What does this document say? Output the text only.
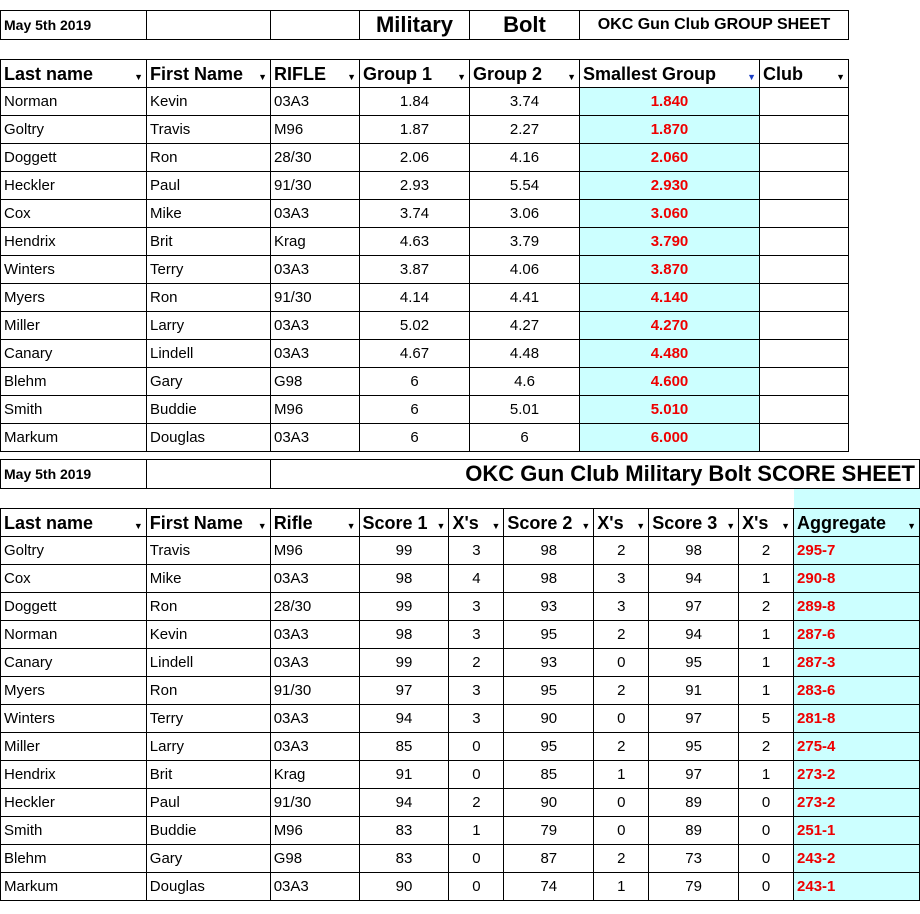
May 5th 2019			Military	Bolt	OKC Gun Club GROUP SHEET	

Last name ▼	First Name ▼	RIFLE ▼	Group 1 ▼	Group 2 ▼	Smallest Group ▼	Club ▼

Norman	Kevin	03A3	1.84	3.74	1.840	
Goltry	Travis	M96	1.87	2.27	1.870	
Doggett	Ron	28/30	2.06	4.16	2.060	
Heckler	Paul	91/30	2.93	5.54	2.930	
Cox	Mike	03A3	3.74	3.06	3.060	
Hendrix	Brit	Krag	4.63	3.79	3.790	
Winters	Terry	03A3	3.87	4.06	3.870	
Myers	Ron	91/30	4.14	4.41	4.140	
Miller	Larry	03A3	5.02	4.27	4.270	
Canary	Lindell	03A3	4.67	4.48	4.480	
Blehm	Gary	G98	6	4.6	4.600	
Smith	Buddie	M96	6	5.01	5.010	
Markum	Douglas	03A3	6	6	6.000	
May 5th 2019		OKC Gun Club Military Bolt SCORE SHEET							

Last name ▼	First Name ▼	Rifle ▼	Score 1 ▼	X's ▼	Score 2 ▼	X's ▼	Score 3 ▼	X's ▼	Aggregate ▼

Goltry	Travis	M96	99	3	98	2	98	2	295-7
Cox	Mike	03A3	98	4	98	3	94	1	290-8
Doggett	Ron	28/30	99	3	93	3	97	2	289-8
Norman	Kevin	03A3	98	3	95	2	94	1	287-6
Canary	Lindell	03A3	99	2	93	0	95	1	287-3
Myers	Ron	91/30	97	3	95	2	91	1	283-6
Winters	Terry	03A3	94	3	90	0	97	5	281-8
Miller	Larry	03A3	85	0	95	2	95	2	275-4
Hendrix	Brit	Krag	91	0	85	1	97	1	273-2
Heckler	Paul	91/30	94	2	90	0	89	0	273-2
Smith	Buddie	M96	83	1	79	0	89	0	251-1
Blehm	Gary	G98	83	0	87	2	73	0	243-2
Markum	Douglas	03A3	90	0	74	1	79	0	243-1
